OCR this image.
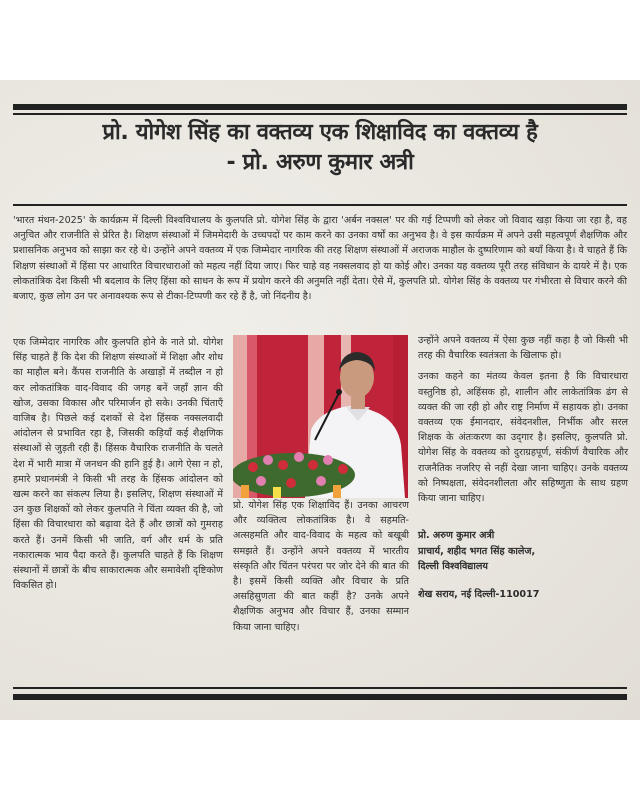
प्रो. योगेश सिंह का वक्तव्य एक शिक्षाविद का वक्तव्य है
- प्रो. अरुण कुमार अत्री
'भारत मंथन-2025' के कार्यक्रम में दिल्ली विश्वविधालय के कुलपति प्रो. योगेश सिंह के द्वारा 'अर्बन नक्सल' पर की गई टिप्पणी को लेकर जो विवाद खड़ा किया जा रहा है, वह अनुचित और राजनीति से प्रेरित है। शिक्षण संस्थाओं में जिममेदारी के उच्चपदों पर काम करने का उनका वर्षों का अनुभव है। वे इस कार्यक्रम में अपने उसी महत्वपूर्ण शैक्षणिक और प्रशासनिक अनुभव को साझा कर रहे थे। उन्होंने अपने वक्तव्य में एक जिम्मेदार नागरिक की तरह शिक्षण संस्थाओं में अराजक माहौल के दुष्परिणाम को बयाँ किया है। वे चाहते हैं कि शिक्षण संस्थाओं में हिंसा पर आधारित विचारधाराओं को महत्य नहीं दिया जाए। फिर चाहे वह नक्सलवाद हो या कोई और। उनका यह वक्तव्य पूरी तरह संविधान के दायरे में है। एक लोकतांत्रिक देश किसी भी बदलाव के लिए हिंसा को साधन के रूप में प्रयोग करने की अनुमति नहीं देता। ऐसे में, कुलपति प्रो. योगेश सिंह के वक्तव्य पर गंभीरता से विचार करने की बजाए, कुछ लोग उन पर अनावश्यक रूप से टीका-टिप्पणी कर रहे हैं है, जो निंदनीय है।

एक जिम्मेदार नागरिक और कुलपति होने के नाते प्रो. योगेश सिंह चाहते हैं कि देश की शिक्षण संस्थाओं में शिक्षा और शोध का माहौल बने। कैंपस राजनीति के अखाड़ों में तब्दील न हो कर लोकतांत्रिक वाद-विवाद की जगह बनें जहाँ ज्ञान की खोज, उसका विकास और परिमार्जन हो सके। उनकी चिंताएँ वाजिब है। पिछले कई दशकों से देश हिंसक नक्सलवादी आंदोलन से प्रभावित रहा है, जिसकी कड़ियाँ कई शैक्षणिक संस्थाओं से जुड़ती रही हैं। हिंसक वैचारिक राजनीति के चलते देश में भारी मात्रा में जनधन की हानि हुई है। आगे ऐसा न हो, हमारे प्रधानमंत्री ने किसी भी तरह के हिंसक आंदोलन को खत्म करने का संकल्प लिया है। इसलिए, शिक्षण संस्थाओं में उन कुछ शिक्षकों को लेकर कुलपति ने चिंता व्यक्त की है, जो हिंसा की विचारधारा को बढ़ावा देते हैं और छात्रों को गुमराह करते हैं। उनमें किसी भी जाति, वर्ग और धर्म के प्रति नकारात्मक भाव पैदा करते हैं। कुलपति चाहते हैं कि शिक्षण संस्थानों में छात्रों के बीच साकारात्मक और समावेशी दृष्टिकोण विकसित हो।

प्रो. योगेश सिंह एक शिक्षाविद हैं। उनका आचरण और व्यक्तित्व लोकतांत्रिक है। वे सहमति-अत्सहमति और वाद-विवाद के महत्व को बखूबी समझते हैं। उन्होंने अपने वक्तव्य में भारतीय संस्कृति और चिंतन परंपरा पर जोर देने की बात की है। इसमें किसी व्यक्ति और विचार के प्रति असहिसुणता की बात कहीं है? उनके अपने शैक्षणिक अनुभव और विचार हैं, उनका सम्मान किया जाना चाहिए।

उन्होंने अपने वक्तव्य में ऐसा कुछ नहीं कहा है जो किसी भी तरह की वैचारिक स्वतंत्रता के खिलाफ हो।

उनका कहने का मंतव्य केवल इतना है कि विचारधारा वस्तुनिष्ठ हो, अहिंसक हो, शालीन और लाकेतांत्रिक ढंग से व्यक्त की जा रही हो और राष्ट्र निर्माण में सहायक हो। उनका वक्तव्य एक ईमानदार, संवेदनशील, निर्भीक और सरल शिक्षक के अंतःकरण का उद्‌गार है। इसलिए, कुलपति प्रो. योगेश सिंह के वक्तव्य को दुराग्रहपूर्ण, संकीर्ण वैचारिक और राजनैतिक नजरिए से नहीं देखा जाना चाहिए। उनके वक्तव्य को निष्पक्षता, संवेदनशीलता और सहिष्णुता के साथ ग्रहण किया जाना चाहिए।

प्रो. अरुण कुमार अत्री
प्राचार्य, शहीद भगत सिंह कालेज,
दिल्ली विश्वविद्यालय
शेख सराय, नई दिल्ली-110017
